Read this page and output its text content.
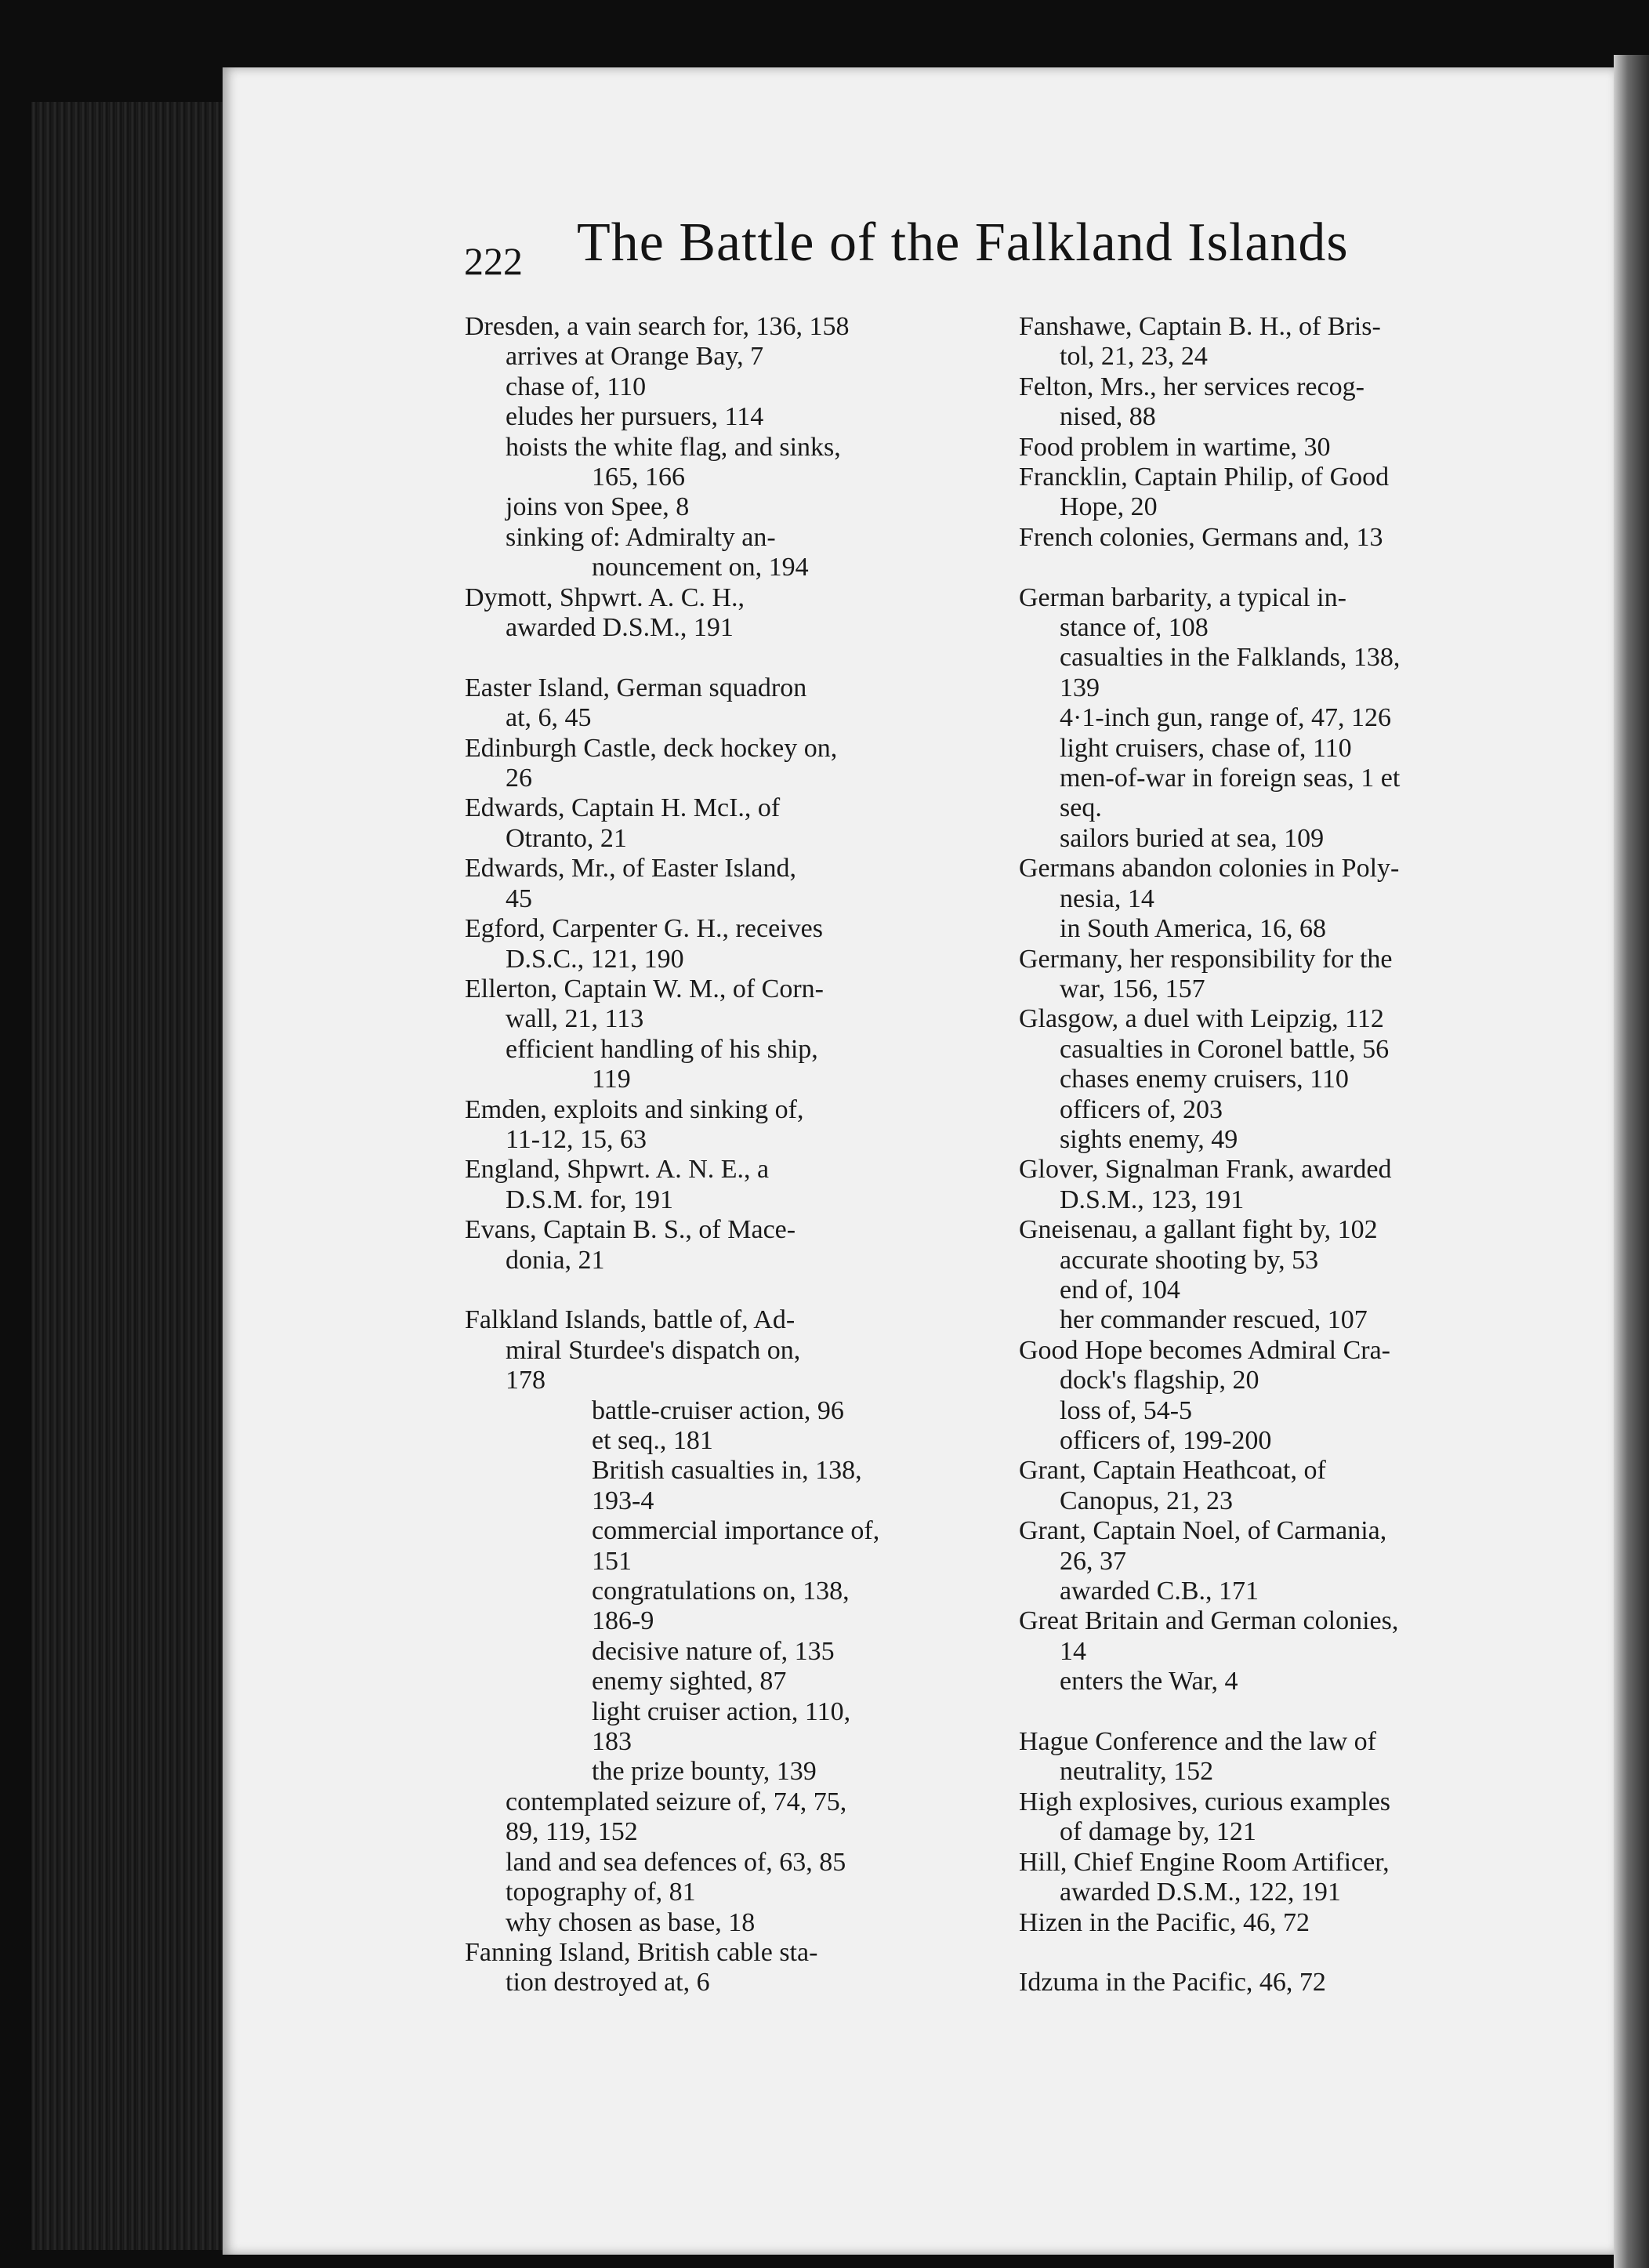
222 The Battle of the Falkland Islands
Dresden, a vain search for, 136, 158
arrives at Orange Bay, 7
chase of, 110
eludes her pursuers, 114
hoists the white flag, and sinks,
165, 166
joins von Spee, 8
sinking of: Admiralty an-
nouncement on, 194
Dymott, Shpwrt. A. C. H.,
awarded D.S.M., 191
Easter Island, German squadron
at, 6, 45
Edinburgh Castle, deck hockey on,
26
Edwards, Captain H. McI., of
Otranto, 21
Edwards, Mr., of Easter Island,
45
Egford, Carpenter G. H., receives
D.S.C., 121, 190
Ellerton, Captain W. M., of Corn-
wall, 21, 113
efficient handling of his ship,
119
Emden, exploits and sinking of,
11-12, 15, 63
England, Shpwrt. A. N. E., a
D.S.M. for, 191
Evans, Captain B. S., of Mace-
donia, 21
Falkland Islands, battle of, Ad-
miral Sturdee's dispatch on,
178
battle-cruiser action, 96
et seq., 181
British casualties in, 138,
193-4
commercial importance of,
151
congratulations on, 138,
186-9
decisive nature of, 135
enemy sighted, 87
light cruiser action, 110,
183
the prize bounty, 139
contemplated seizure of, 74, 75,
89, 119, 152
land and sea defences of, 63, 85
topography of, 81
why chosen as base, 18
Fanning Island, British cable sta-
tion destroyed at, 6
Fanshawe, Captain B. H., of Bris-
tol, 21, 23, 24
Felton, Mrs., her services recog-
nised, 88
Food problem in wartime, 30
Francklin, Captain Philip, of Good
Hope, 20
French colonies, Germans and, 13
German barbarity, a typical in-
stance of, 108
casualties in the Falklands, 138,
139
4·1-inch gun, range of, 47, 126
light cruisers, chase of, 110
men-of-war in foreign seas, 1 et
seq.
sailors buried at sea, 109
Germans abandon colonies in Poly-
nesia, 14
in South America, 16, 68
Germany, her responsibility for the
war, 156, 157
Glasgow, a duel with Leipzig, 112
casualties in Coronel battle, 56
chases enemy cruisers, 110
officers of, 203
sights enemy, 49
Glover, Signalman Frank, awarded
D.S.M., 123, 191
Gneisenau, a gallant fight by, 102
accurate shooting by, 53
end of, 104
her commander rescued, 107
Good Hope becomes Admiral Cra-
dock's flagship, 20
loss of, 54-5
officers of, 199-200
Grant, Captain Heathcoat, of
Canopus, 21, 23
Grant, Captain Noel, of Carmania,
26, 37
awarded C.B., 171
Great Britain and German colonies,
14
enters the War, 4
Hague Conference and the law of
neutrality, 152
High explosives, curious examples
of damage by, 121
Hill, Chief Engine Room Artificer,
awarded D.S.M., 122, 191
Hizen in the Pacific, 46, 72
Idzuma in the Pacific, 46, 72
